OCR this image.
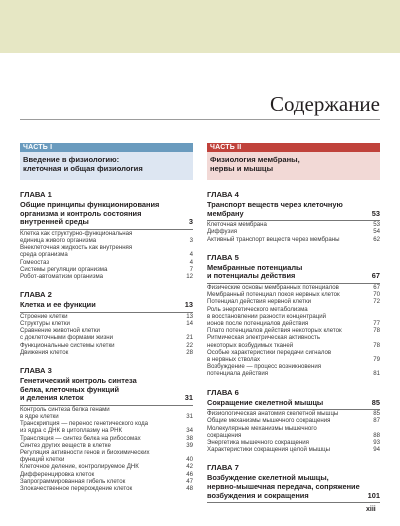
Содержание
ЧАСТЬ I
Введение в физиологию:
клеточная и общая физиология
ГЛАВА 1
Общие принципы функционирования
организма и контроль состояния
внутренней среды	3
Клетка как структурно-функциональная
единица живого организма	3
Внеклеточная жидкость как внутренняя
среда организма	4
Гомеостаз	4
Системы регуляции организма	7
Робот-автоматизм организма	12
ГЛАВА 2
Клетка и ее функции	13
Строение клетки	13
Структуры клетки	14
Сравнение животной клетки
с доклеточными формами жизни	21
Функциональные системы клетки	22
Движения клеток	28
ГЛАВА 3
Генетический контроль синтеза
белка, клеточных функций
и деления клеток	31
Контроль синтеза белка генами
в ядре клетки	31
Транскрипция — перенос генетического кода
из ядра с ДНК в цитоплазму на РНК	34
Трансляция — синтез белка на рибосомах	38
Синтез других веществ в клетке	39
Регуляция активности генов и биохимических
функций клетки	40
Клеточное деление, контролируемое ДНК	42
Дифференцировка клеток	46
Запрограммированная гибель клеток	47
Злокачественное перерождение клеток	48
ЧАСТЬ II
Физиология мембраны,
нервы и мышцы
ГЛАВА 4
Транспорт веществ через клеточную
мембрану	53
Клеточная мембрана	53
Диффузия	54
Активный транспорт веществ через мембраны	62
ГЛАВА 5
Мембранные потенциалы
и потенциалы действия	67
Физические основы мембранных потенциалов	67
Мембранный потенциал покоя нервных клеток	70
Потенциал действия нервной клетки	72
Роль энергетического метаболизма
в восстановлении разности концентраций
ионов после потенциалов действия	77
Плато потенциалов действия некоторых клеток	78
Ритмическая электрическая активность
некоторых возбудимых тканей	78
Особые характеристики передачи сигналов
в нервных стволах	79
Возбуждение — процесс возникновения
потенциала действия	81
ГЛАВА 6
Сокращение скелетной мышцы	85
Физиологическая анатомия скелетной мышцы	85
Общие механизмы мышечного сокращения	87
Молекулярные механизмы мышечного
сокращения	88
Энергетика мышечного сокращения	93
Характеристики сокращения целой мышцы	94
ГЛАВА 7
Возбуждение скелетной мышцы,
нервно-мышечная передача, сопряжение
возбуждения и сокращения	101
xiii
